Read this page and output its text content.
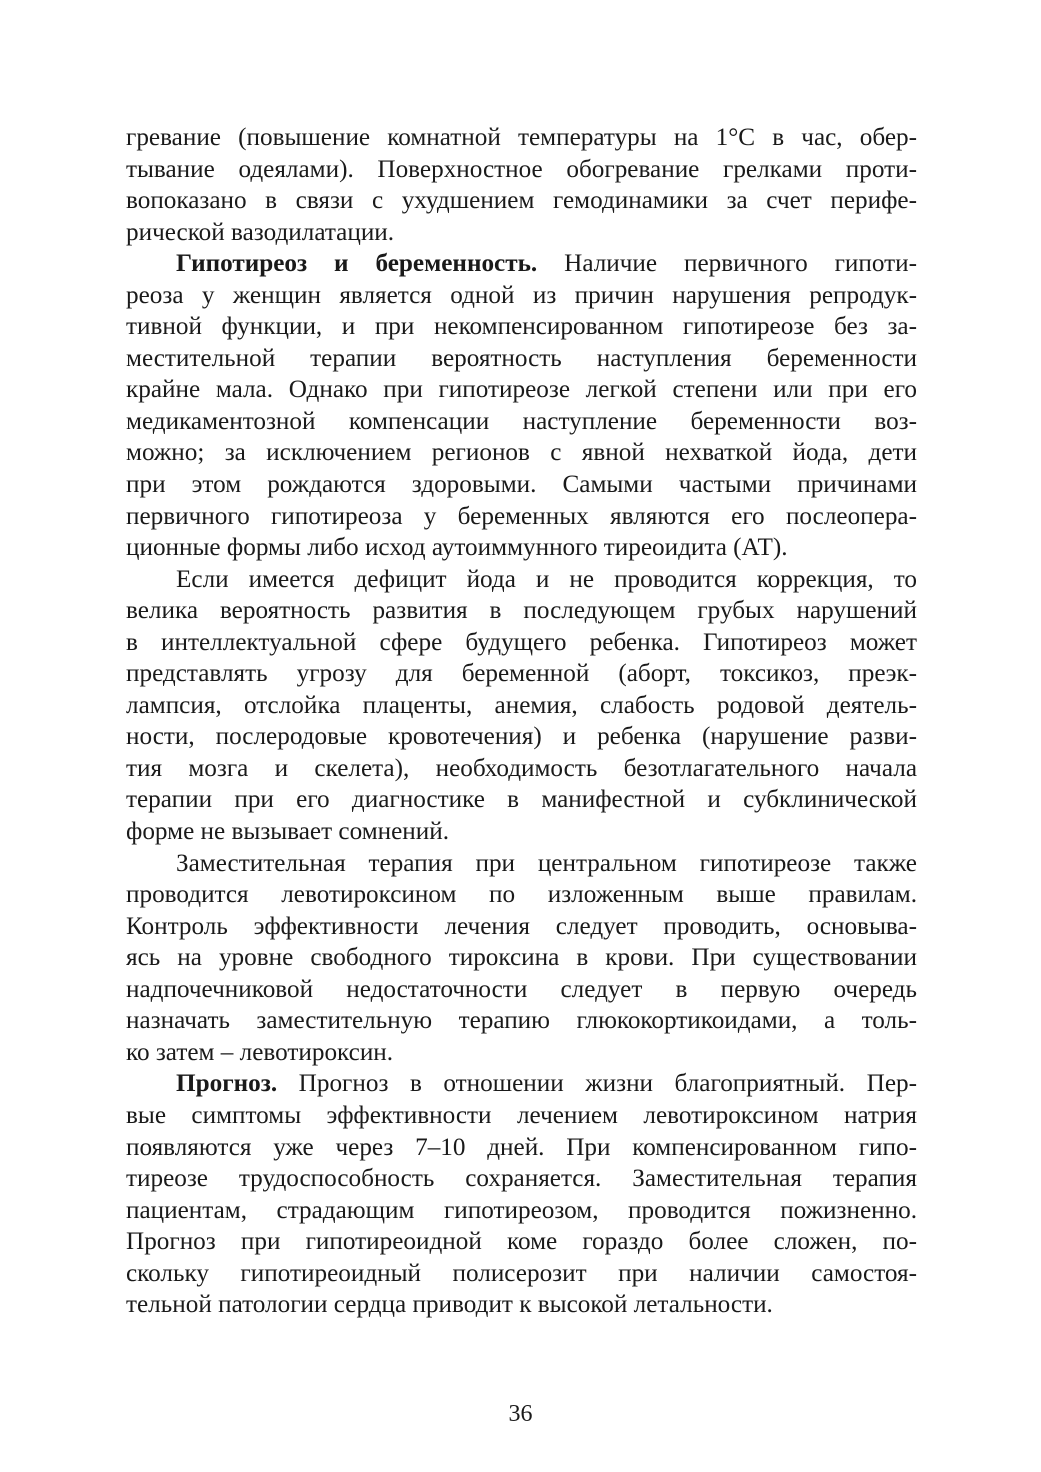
гревание (повышение комнатной температуры на 1°С в час, обер-
тывание одеялами). Поверхностное обогревание грелками проти-
вопоказано в связи с ухудшением гемодинамики за счет перифе-
рической вазодилатации.
Гипотиреоз и беременность. Наличие первичного гипоти-
реоза у женщин является одной из причин нарушения репродук-
тивной функции, и при некомпенсированном гипотиреозе без за-
местительной терапии вероятность наступления беременности
крайне мала. Однако при гипотиреозе легкой степени или при его
медикаментозной компенсации наступление беременности воз-
можно; за исключением регионов с явной нехваткой йода, дети
при этом рождаются здоровыми. Самыми частыми причинами
первичного гипотиреоза у беременных являются его послеопера-
ционные формы либо исход аутоиммунного тиреоидита (АТ).
Если имеется дефицит йода и не проводится коррекция, то
велика вероятность развития в последующем грубых нарушений
в интеллектуальной сфере будущего ребенка. Гипотиреоз может
представлять угрозу для беременной (аборт, токсикоз, преэк-
лампсия, отслойка плаценты, анемия, слабость родовой деятель-
ности, послеродовые кровотечения) и ребенка (нарушение разви-
тия мозга и скелета), необходимость безотлагательного начала
терапии при его диагностике в манифестной и субклинической
форме не вызывает сомнений.
Заместительная терапия при центральном гипотиреозе также
проводится левотироксином по изложенным выше правилам.
Контроль эффективности лечения следует проводить, основыва-
ясь на уровне свободного тироксина в крови. При существовании
надпочечниковой недостаточности следует в первую очередь
назначать заместительную терапию глюкокортикоидами, а толь-
ко затем – левотироксин.
Прогноз. Прогноз в отношении жизни благоприятный. Пер-
вые симптомы эффективности лечением левотироксином натрия
появляются уже через 7–10 дней. При компенсированном гипо-
тиреозе трудоспособность сохраняется. Заместительная терапия
пациентам, страдающим гипотиреозом, проводится пожизненно.
Прогноз при гипотиреоидной коме гораздо более сложен, по-
скольку гипотиреоидный полисерозит при наличии самостоя-
тельной патологии сердца приводит к высокой летальности.
36
